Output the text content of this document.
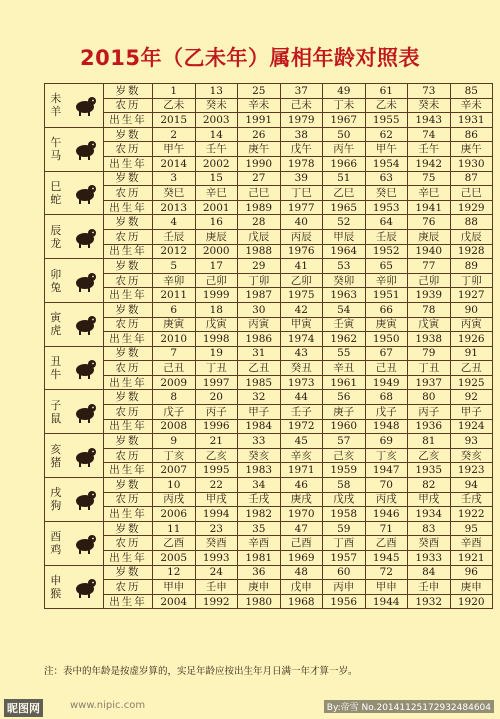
2015年（乙未年）属相年龄对照表
未
羊	岁数	1	13	25	37	49	61	73	85
	农历	乙未	癸未	辛未	己未	丁未	乙未	癸未	辛未
	出生年	2015	2003	1991	1979	1967	1955	1943	1931

午
马	岁数	2	14	26	38	50	62	74	86
	农历	甲午	壬午	庚午	戊午	丙午	甲午	壬午	庚午
	出生年	2014	2002	1990	1978	1966	1954	1942	1930

巳
蛇	岁数	3	15	27	39	51	63	75	87
	农历	癸巳	辛巳	己巳	丁巳	乙巳	癸巳	辛巳	己巳
	出生年	2013	2001	1989	1977	1965	1953	1941	1929

辰
龙	岁数	4	16	28	40	52	64	76	88
	农历	壬辰	庚辰	戊辰	丙辰	甲辰	壬辰	庚辰	戊辰
	出生年	2012	2000	1988	1976	1964	1952	1940	1928

卯
兔	岁数	5	17	29	41	53	65	77	89
	农历	辛卯	己卯	丁卯	乙卯	癸卯	辛卯	己卯	丁卯
	出生年	2011	1999	1987	1975	1963	1951	1939	1927

寅
虎	岁数	6	18	30	42	54	66	78	90
	农历	庚寅	戊寅	丙寅	甲寅	壬寅	庚寅	戊寅	丙寅
	出生年	2010	1998	1986	1974	1962	1950	1938	1926

丑
牛	岁数	7	19	31	43	55	67	79	91
	农历	己丑	丁丑	乙丑	癸丑	辛丑	己丑	丁丑	乙丑
	出生年	2009	1997	1985	1973	1961	1949	1937	1925

子
鼠	岁数	8	20	32	44	56	68	80	92
	农历	戊子	丙子	甲子	壬子	庚子	戊子	丙子	甲子
	出生年	2008	1996	1984	1972	1960	1948	1936	1924

亥
猪	岁数	9	21	33	45	57	69	81	93
	农历	丁亥	乙亥	癸亥	辛亥	己亥	丁亥	乙亥	癸亥
	出生年	2007	1995	1983	1971	1959	1947	1935	1923

戌
狗	岁数	10	22	34	46	58	70	82	94
	农历	丙戌	甲戌	壬戌	庚戌	戊戌	丙戌	甲戌	壬戌
	出生年	2006	1994	1982	1970	1958	1946	1934	1922

酉
鸡	岁数	11	23	35	47	59	71	83	95
	农历	乙酉	癸酉	辛酉	己酉	丁酉	乙酉	癸酉	辛酉
	出生年	2005	1993	1981	1969	1957	1945	1933	1921

申
猴	岁数	12	24	36	48	60	72	84	96
	农历	甲申	壬申	庚申	戊申	丙申	甲申	壬申	庚申
	出生年	2004	1992	1980	1968	1956	1944	1932	1920
注：表中的年龄是按虚岁算的，实足年龄应按出生年月日满一年才算一岁。
昵图网	www.nipic.com	By:帝雪 No.20141125172932484604
